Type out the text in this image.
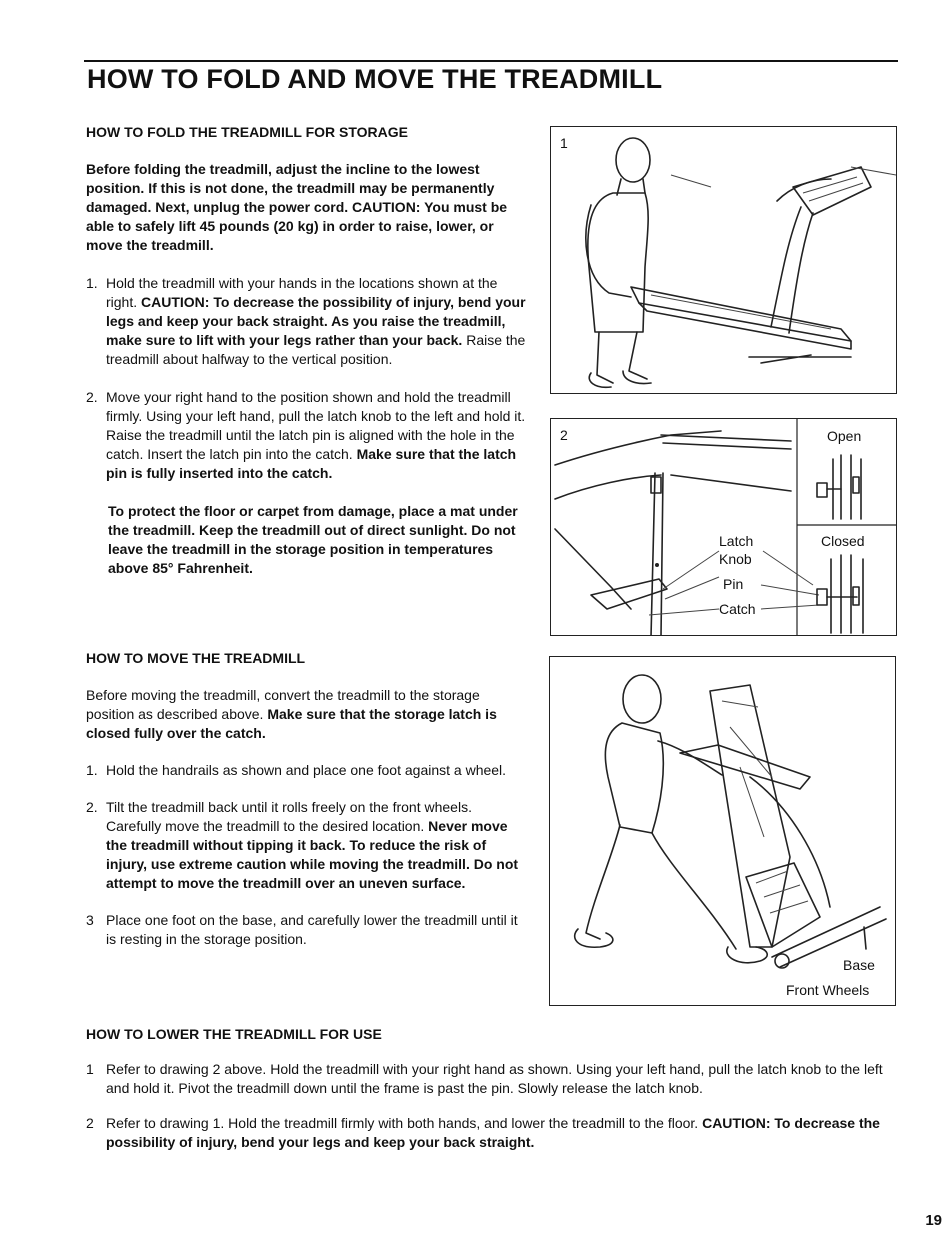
HOW TO FOLD AND MOVE THE TREADMILL
HOW TO FOLD THE TREADMILL FOR STORAGE

Before folding the treadmill, adjust the incline to the lowest position. If this is not done, the treadmill may be permanently damaged. Next, unplug the power cord. CAUTION: You must be able to safely lift 45 pounds (20 kg) in order to raise, lower, or move the treadmill.

1. Hold the treadmill with your hands in the locations shown at the right. CAUTION: To decrease the possibility of injury, bend your legs and keep your back straight. As you raise the treadmill, make sure to lift with your legs rather than your back. Raise the treadmill about halfway to the vertical position.
2. Move your right hand to the position shown and hold the treadmill firmly. Using your left hand, pull the latch knob to the left and hold it. Raise the treadmill until the latch pin is aligned with the hole in the catch. Insert the latch pin into the catch. Make sure that the latch pin is fully inserted into the catch.

To protect the floor or carpet from damage, place a mat under the treadmill. Keep the treadmill out of direct sunlight. Do not leave the treadmill in the storage position in temperatures above 85° Fahrenheit.

HOW TO MOVE THE TREADMILL

Before moving the treadmill, convert the treadmill to the storage position as described above. Make sure that the storage latch is closed fully over the catch.

1. Hold the handrails as shown and place one foot against a wheel.
2. Tilt the treadmill back until it rolls freely on the front wheels. Carefully move the treadmill to the desired location. Never move the treadmill without tipping it back. To reduce the risk of injury, use extreme caution while moving the treadmill. Do not attempt to move the treadmill over an uneven surface.
3 Place one foot on the base, and carefully lower the treadmill until it is resting in the storage position.
HOW TO LOWER THE TREADMILL FOR USE
1 Refer to drawing 2 above. Hold the treadmill with your right hand as shown. Using your left hand, pull the latch knob to the left and hold it. Pivot the treadmill down until the frame is past the pin. Slowly release the latch knob.
2 Refer to drawing 1. Hold the treadmill firmly with both hands, and lower the treadmill to the floor. CAUTION: To decrease the possibility of injury, bend your legs and keep your back straight.
1
2	Open
Closed
Latch
Knob
Pin
Catch
Base
Front Wheels
19
